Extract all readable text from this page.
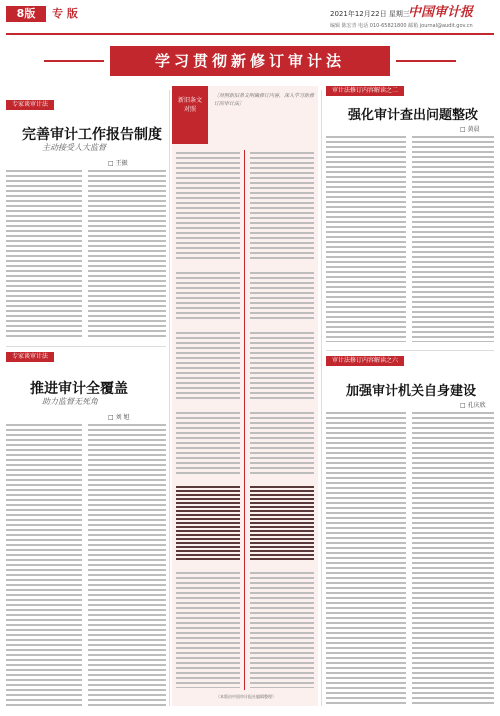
8版	专 版	2021年12月22日 星期三
中国审计报
编辑 陈宏青 电话 010-65821800 邮箱 journal@audit.gov.cn
学习贯彻新修订审计法
专家谈审计法
完善审计工作报告制度
主动接受人大监督
□ 王振
专家谈审计法
推进审计全覆盖
助力监督无死角
□ 刘 旭
新旧条文对照
〔对照新旧条文明确修订内容，深入学习新修订的审计法〕
（本版由中国审计报社编辑整理）
审计法修订内容解读之二
强化审计查出问题整改
□ 黄晨
审计法修订内容解读之六
加强审计机关自身建设
□ 孔庆欣
